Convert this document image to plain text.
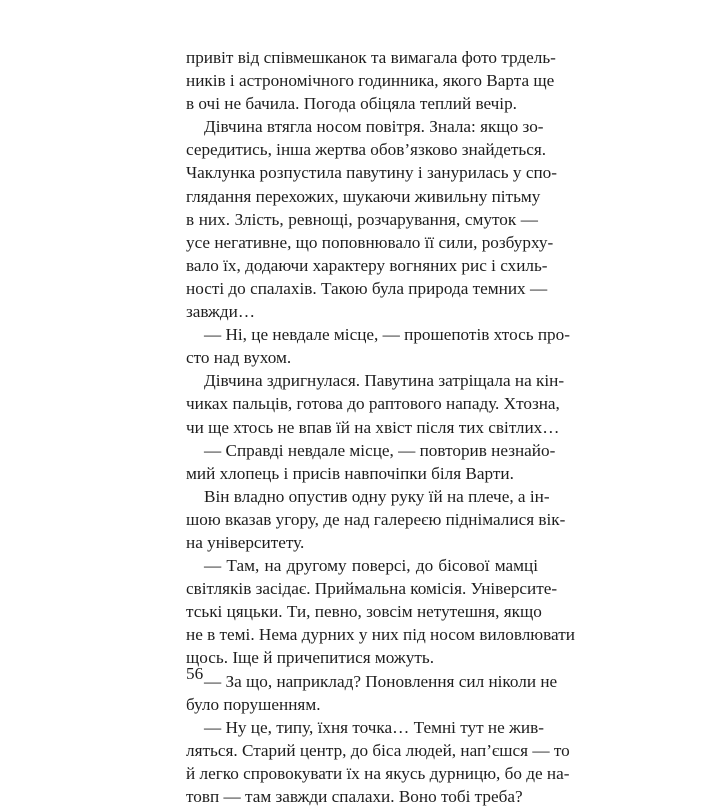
привіт від співмешканок та вимагала фото трдель-
ників і астрономічного годинника, якого Варта ще
в очі не бачила. Погода обіцяла теплий вечір.
Дівчина втягла носом повітря. Знала: якщо зо-
середитись, інша жертва обов’язково знайдеться.
Чаклунка розпустила павутину і занурилась у спо-
глядання перехожих, шукаючи живильну пітьму
в них. Злість, ревнощі, розчарування, смуток —
усе негативне, що поповнювало її сили, розбурху-
вало їх, додаючи характеру вогняних рис і схиль-
ності до спалахів. Такою була природа темних —
завжди…
— Ні, це невдале місце, — прошепотів хтось про-
сто над вухом.
Дівчина здригнулася. Павутина затріщала на кін-
чиках пальців, готова до раптового нападу. Хтозна,
чи ще хтось не впав їй на хвіст після тих світлих…
— Справді невдале місце, — повторив незнайо-
мий хлопець і присів навпочіпки біля Варти.
Він владно опустив одну руку їй на плече, а ін-
шою вказав угору, де над галереєю піднімалися вік-
на університету.
— Там, на другому поверсі, до бісової мамці
світляків засідає. Приймальна комісія. Університе-
тські цяцьки. Ти, певно, зовсім нетутешня, якщо
не в темі. Нема дурних у них під носом виловлювати
щось. Іще й причепитися можуть.
— За що, наприклад? Поновлення сил ніколи не
було порушенням.
— Ну це, типу, їхня точка… Темні тут не жив-
ляться. Старий центр, до біса людей, нап’єшся — то
й легко спровокувати їх на якусь дурницю, бо де на-
товп — там завжди спалахи. Воно тобі треба?
56
